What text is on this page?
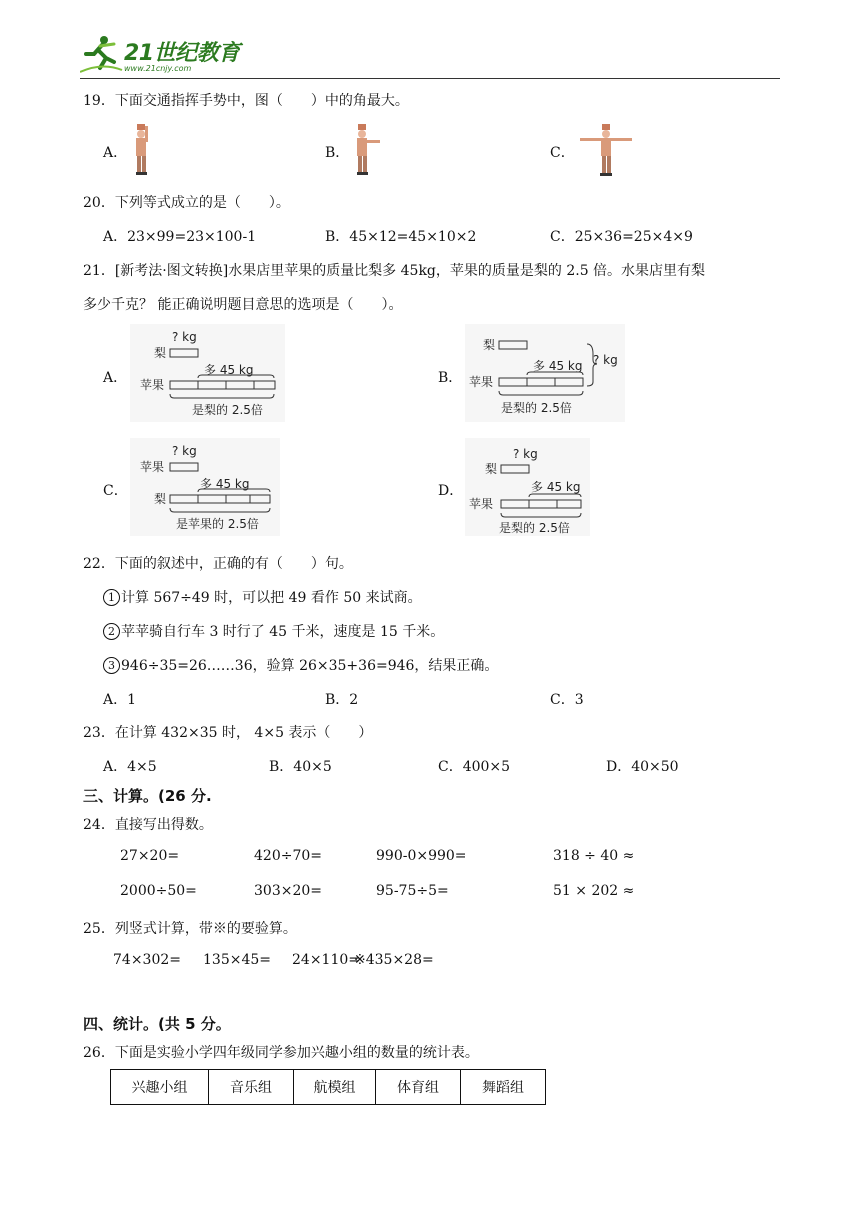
21世纪教育
www.21cnjy.com
19．下面交通指挥手势中，图（　　）中的角最大。
A．	B．	C．
20．下列等式成立的是（　　）。
A．23×99=23×100-1	B．45×12=45×10×2	C．25×36=25×4×9
21．[新考法·图文转换]水果店里苹果的质量比梨多 45kg，苹果的质量是梨的 2.5 倍。水果店里有梨
多少千克？ 能正确说明题目意思的选项是（　　）。
A．
? kg
梨
苹果
多 45 kg
是梨的 2.5倍
B．
梨
苹果
多 45 kg ? kg
是梨的 2.5倍
C．
? kg
苹果
梨
多 45 kg
是苹果的 2.5倍
D．
? kg
梨
苹果
多 45 kg
是梨的 2.5倍
22．下面的叙述中，正确的有（　　）句。
1 计算 567÷49 时，可以把 49 看作 50 来试商。
2 苹苹骑自行车 3 时行了 45 千米，速度是 15 千米。
3 946÷35=26……36，验算 26×35+36=946，结果正确。
A．1	B．2	C．3
23．在计算 432×35 时， 4×5 表示（　　）
A．4×5	B．40×5	C．400×5	D．40×50
三、计算。(26 分.
24．直接写出得数。
27×20=	420÷70=	990-0×990=	318 ÷ 40 ≈
2000÷50=	303×20=	95-75÷5=	51 × 202 ≈
25．列竖式计算，带※的要验算。
74×302= 135×45= 24×110=
※435×28=
四、统计。(共 5 分。
26．下面是实验小学四年级同学参加兴趣小组的数量的统计表。
兴趣小组	音乐组	航模组	体育组	舞蹈组
